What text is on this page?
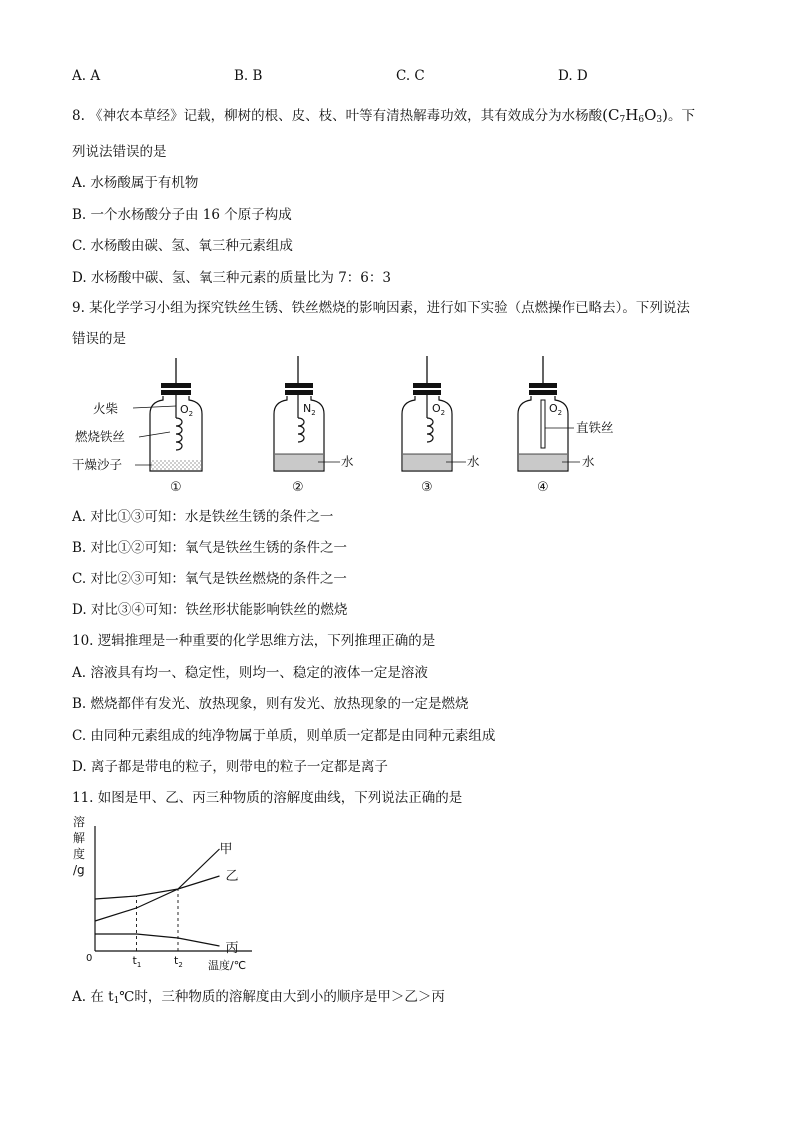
A. A	B. B	C. C	D. D
8. 《神农本草经》记载，柳树的根、皮、枝、叶等有清热解毒功效，其有效成分为水杨酸$(C_7H_6O_3)$。下
列说法错误的是
A. 水杨酸属于有机物
B. 一个水杨酸分子由 16 个原子构成
C. 水杨酸由碳、氢、氧三种元素组成
D. 水杨酸中碳、氢、氧三种元素的质量比为 7：6：3
9. 某化学学习小组为探究铁丝生锈、铁丝燃烧的影响因素，进行如下实验（点燃操作已略去）。下列说法
错误的是
$O_2$
火柴
燃烧铁丝
干燥沙子
①
$N_2$
水
②
$O_2$
水
③
$O_2$
直铁丝
水
④
A. 对比①③可知：水是铁丝生锈的条件之一
B. 对比①②可知：氧气是铁丝生锈的条件之一
C. 对比②③可知：氧气是铁丝燃烧的条件之一
D. 对比③④可知：铁丝形状能影响铁丝的燃烧
10. 逻辑推理是一种重要的化学思维方法，下列推理正确的是
A. 溶液具有均一、稳定性，则均一、稳定的液体一定是溶液
B. 燃烧都伴有发光、放热现象，则有发光、放热现象的一定是燃烧
C. 由同种元素组成的纯净物属于单质，则单质一定都是由同种元素组成
D. 离子都是带电的粒子，则带电的粒子一定都是离子
11. 如图是甲、乙、丙三种物质的溶解度曲线，下列说法正确的是
溶
解
度
/g
0
温度/℃
$t_1$	$t_2$
甲
乙
丙
A. 在 $t_1℃$时，三种物质的溶解度由大到小的顺序是甲＞乙＞丙
